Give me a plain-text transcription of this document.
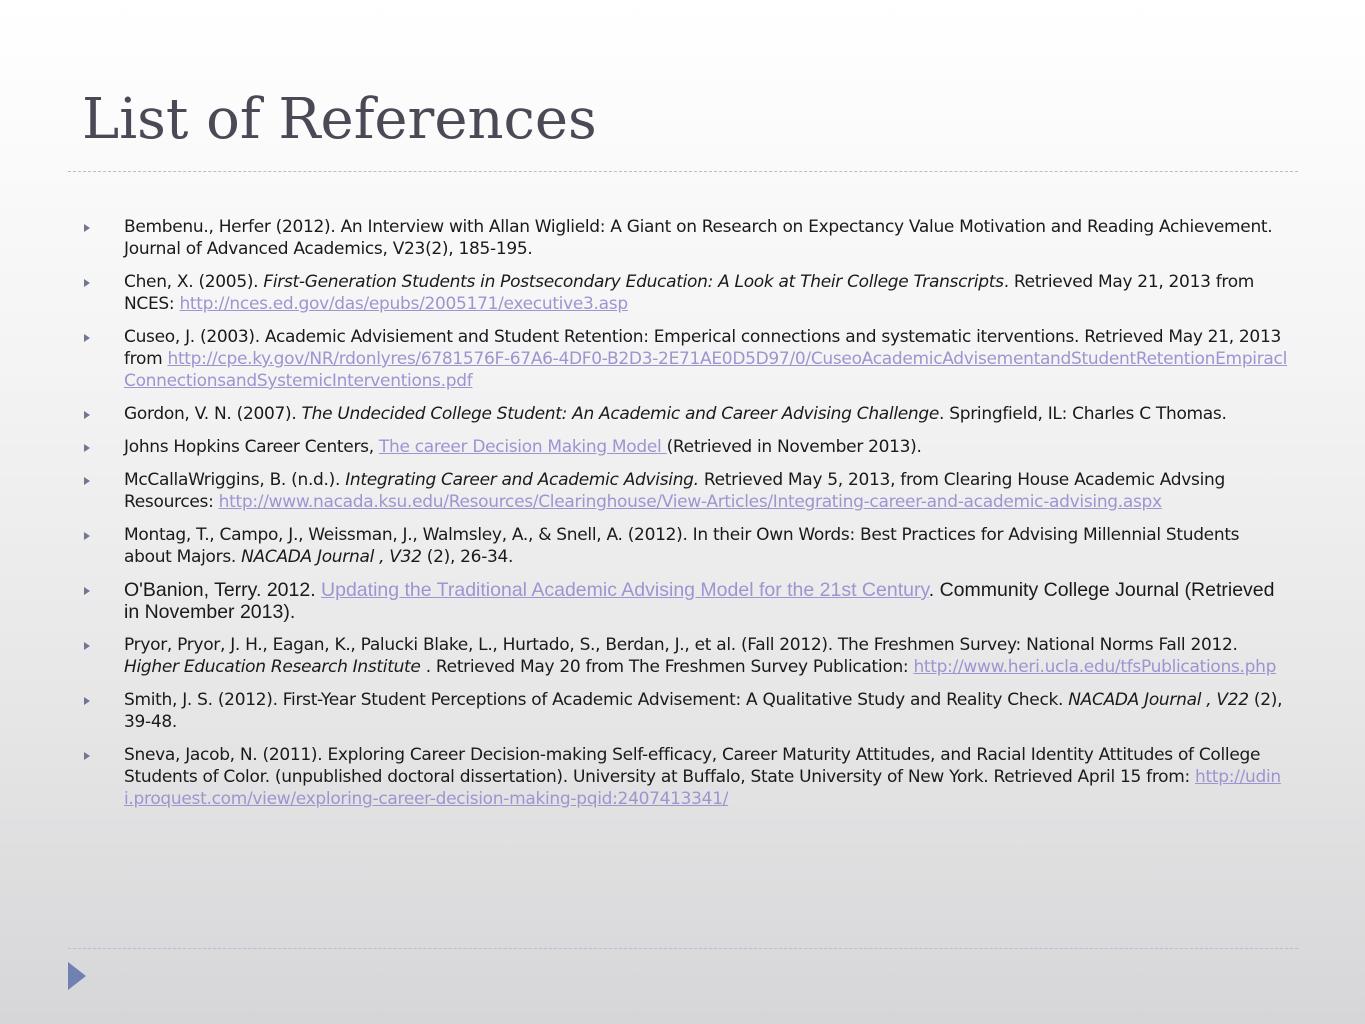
List of References
Bembenu., Herfer (2012). An Interview with Allan Wiglield: A Giant on Research on Expectancy Value Motivation and Reading Achievement. Journal of Advanced Academics, V23(2), 185-195.
Chen, X. (2005). First-Generation Students in Postsecondary Education: A Look at Their College Transcripts. Retrieved May 21, 2013 from NCES: http://nces.ed.gov/das/epubs/2005171/executive3.asp
Cuseo, J. (2003). Academic Advisiement and Student Retention: Emperical connections and systematic iterventions. Retrieved May 21, 2013 from http://cpe.ky.gov/NR/rdonlyres/6781576F-67A6-4DF0-B2D3-2E71AE0D5D97/0/CuseoAcademicAdvisementandStudentRetentionEmpiraclConnectionsandSystemicInterventions.pdf
Gordon, V. N. (2007). The Undecided College Student: An Academic and Career Advising Challenge. Springfield, IL: Charles C Thomas.
Johns Hopkins Career Centers, The career Decision Making Model (Retrieved in November 2013).
McCallaWriggins, B. (n.d.). Integrating Career and Academic Advising. Retrieved May 5, 2013, from Clearing House Academic Advsing Resources: http://www.nacada.ksu.edu/Resources/Clearinghouse/View-Articles/Integrating-career-and-academic-advising.aspx
Montag, T., Campo, J., Weissman, J., Walmsley, A., & Snell, A. (2012). In their Own Words: Best Practices for Advising Millennial Students about Majors. NACADA Journal , V32 (2), 26-34.
O'Banion, Terry. 2012. Updating the Traditional Academic Advising Model for the 21st Century. Community College Journal (Retrieved in November 2013).
Pryor, Pryor, J. H., Eagan, K., Palucki Blake, L., Hurtado, S., Berdan, J., et al. (Fall 2012). The Freshmen Survey: National Norms Fall 2012. Higher Education Research Institute . Retrieved May 20 from The Freshmen Survey Publication: http://www.heri.ucla.edu/tfsPublications.php
Smith, J. S. (2012). First-Year Student Perceptions of Academic Advisement: A Qualitative Study and Reality Check. NACADA Journal , V22 (2), 39-48.
Sneva, Jacob, N. (2011). Exploring Career Decision-making Self-efficacy, Career Maturity Attitudes, and Racial Identity Attitudes of College Students of Color. (unpublished doctoral dissertation). University at Buffalo, State University of New York. Retrieved April 15 from: http://udini.proquest.com/view/exploring-career-decision-making-pqid:2407413341/
